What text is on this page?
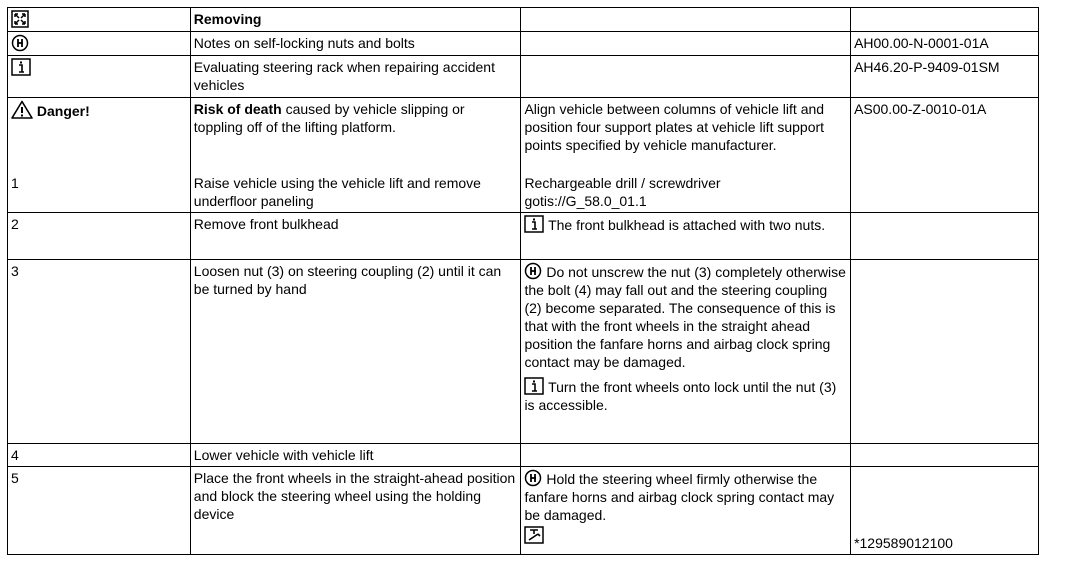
	Removing		
	Notes on self-locking nuts and bolts		AH00.00-N-0001-01A
	Evaluating steering rack when repairing accident vehicles		AH46.20-P-9409-01SM
Danger!	Risk of death caused by vehicle slipping or toppling off of the lifting platform.	Align vehicle between columns of vehicle lift and position four support plates at vehicle lift support points specified by vehicle manufacturer.	AS00.00-Z-0010-01A
1	Raise vehicle using the vehicle lift and remove underfloor paneling	Rechargeable drill / screwdriver
gotis://G_58.0_01.1	

2	Remove front bulkhead	The front bulkhead is attached with two nuts.	
3	Loosen nut (3) on steering coupling (2) until it can be turned by hand	Do not unscrew the nut (3) completely otherwise the bolt (4) may fall out and the steering coupling (2) become separated. The consequence of this is that with the front wheels in the straight ahead position the fanfare horns and airbag clock spring contact may be damaged.
Turn the front wheels onto lock until the nut (3) is accessible.	

4	Lower vehicle with vehicle lift		
5	Place the front wheels in the straight-ahead position and block the steering wheel using the holding device	Hold the steering wheel firmly otherwise the fanfare horns and airbag clock spring contact may be damaged.	*129589012100
